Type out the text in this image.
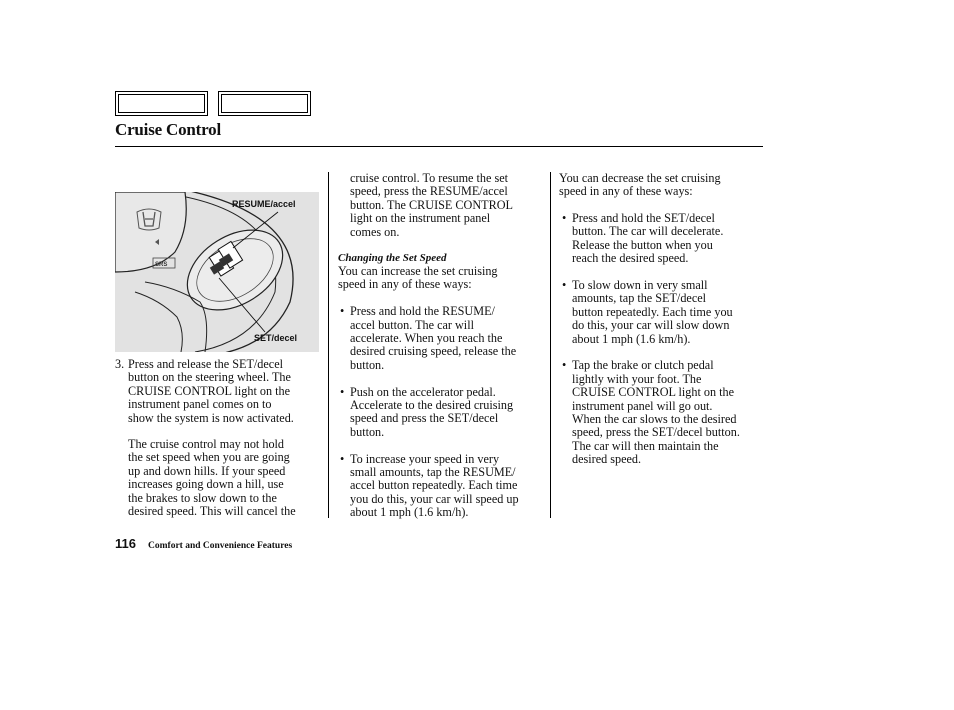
Cruise Control
SRS
RESUME/accel
SET/decel
3. Press and release the SET/decel
button on the steering wheel. The
CRUISE CONTROL light on the
instrument panel comes on to
show the system is now activated.
The cruise control may not hold
the set speed when you are going
up and down hills. If your speed
increases going down a hill, use
the brakes to slow down to the
desired speed. This will cancel the
cruise control. To resume the set
speed, press the RESUME/accel
button. The CRUISE CONTROL
light on the instrument panel
comes on.
Changing the Set Speed
You can increase the set cruising
speed in any of these ways:
• Press and hold the RESUME/
accel button. The car will
accelerate. When you reach the
desired cruising speed, release the
button.
• Push on the accelerator pedal.
Accelerate to the desired cruising
speed and press the SET/decel
button.
• To increase your speed in very
small amounts, tap the RESUME/
accel button repeatedly. Each time
you do this, your car will speed up
about 1 mph (1.6 km/h).
You can decrease the set cruising
speed in any of these ways:
• Press and hold the SET/decel
button. The car will decelerate.
Release the button when you
reach the desired speed.
• To slow down in very small
amounts, tap the SET/decel
button repeatedly. Each time you
do this, your car will slow down
about 1 mph (1.6 km/h).
• Tap the brake or clutch pedal
lightly with your foot. The
CRUISE CONTROL light on the
instrument panel will go out.
When the car slows to the desired
speed, press the SET/decel button.
The car will then maintain the
desired speed.
116 Comfort and Convenience Features
